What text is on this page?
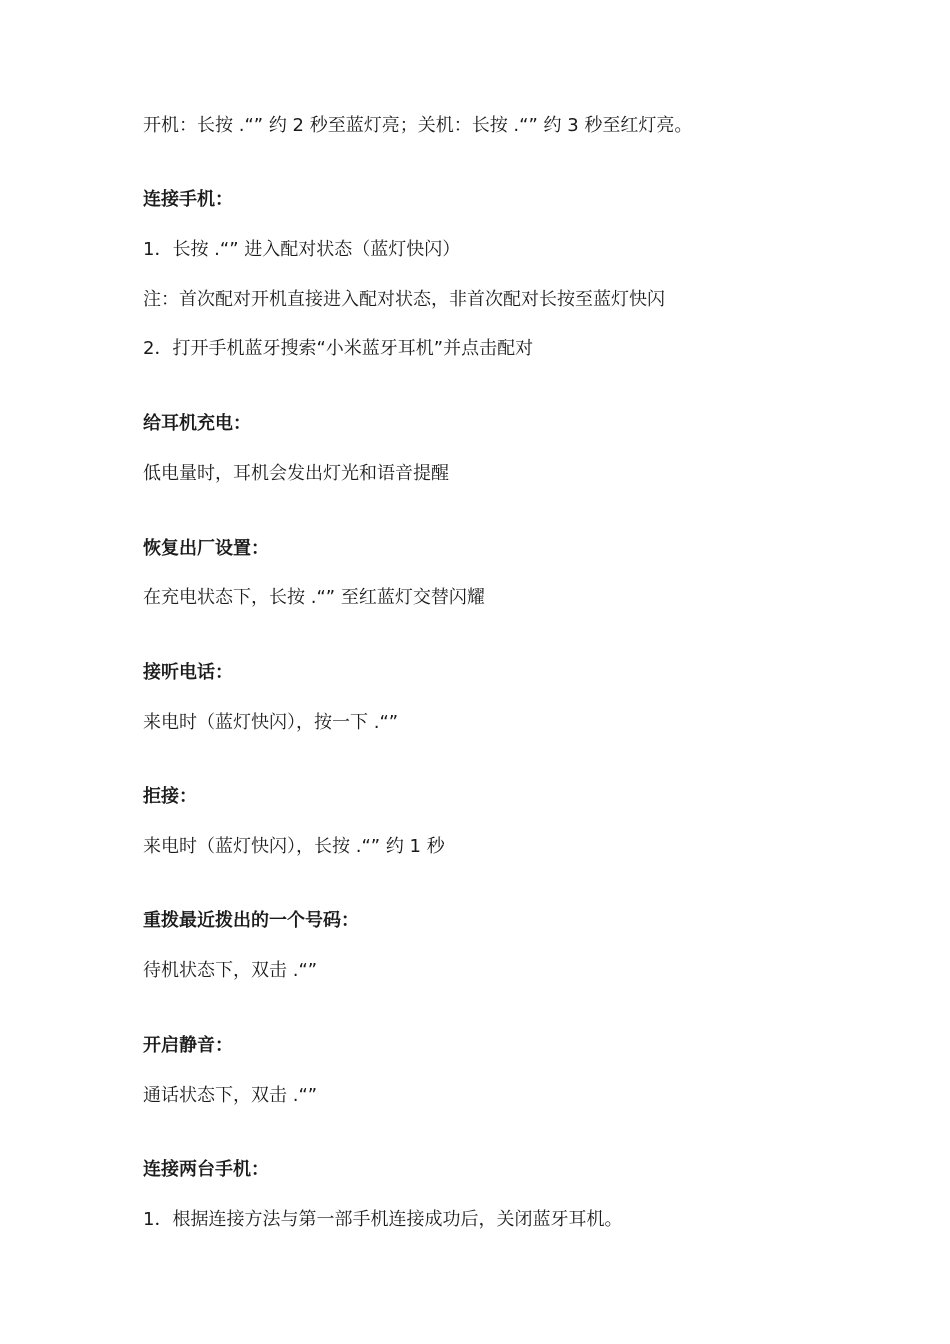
开机：长按 .“” 约 2 秒至蓝灯亮；关机：长按 .“” 约 3 秒至红灯亮。

连接手机：

1．长按 .“” 进入配对状态（蓝灯快闪）

注：首次配对开机直接进入配对状态，非首次配对长按至蓝灯快闪

2．打开手机蓝牙搜索“小米蓝牙耳机”并点击配对

给耳机充电：

低电量时，耳机会发出灯光和语音提醒

恢复出厂设置：

在充电状态下，长按 .“” 至红蓝灯交替闪耀

接听电话：

来电时（蓝灯快闪），按一下 .“”

拒接：

来电时（蓝灯快闪），长按 .“” 约 1 秒

重拨最近拨出的一个号码：

待机状态下，双击 .“”

开启静音：

通话状态下，双击 .“”

连接两台手机：

1．根据连接方法与第一部手机连接成功后，关闭蓝牙耳机。
